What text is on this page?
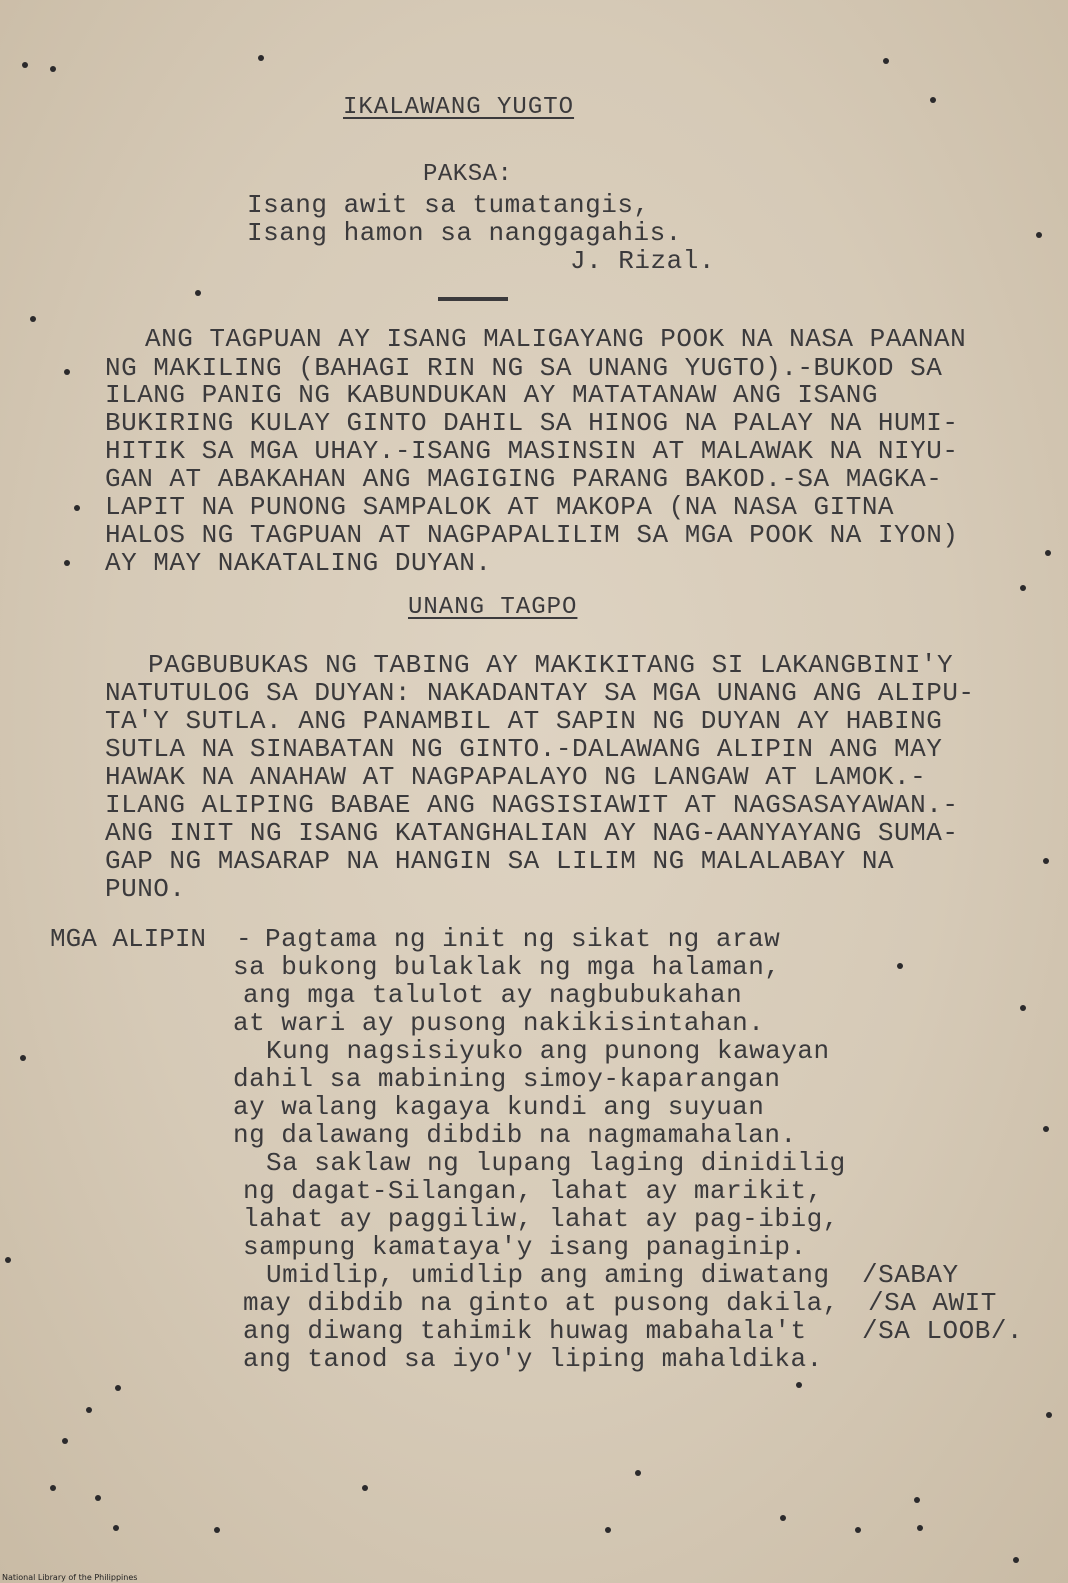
IKALAWANG YUGTO
PAKSA:
Isang awit sa tumatangis,
Isang hamon sa nanggagahis.
J. Rizal.
ANG TAGPUAN AY ISANG MALIGAYANG POOK NA NASA PAANAN
NG MAKILING (BAHAGI RIN NG SA UNANG YUGTO).-BUKOD SA
ILANG PANIG NG KABUNDUKAN AY MATATANAW ANG ISANG
BUKIRING KULAY GINTO DAHIL SA HINOG NA PALAY NA HUMI-
HITIK SA MGA UHAY.-ISANG MASINSIN AT MALAWAK NA NIYU-
GAN AT ABAKAHAN ANG MAGIGING PARANG BAKOD.-SA MAGKA-
LAPIT NA PUNONG SAMPALOK AT MAKOPA (NA NASA GITNA
HALOS NG TAGPUAN AT NAGPAPALILIM SA MGA POOK NA IYON)
AY MAY NAKATALING DUYAN.
UNANG TAGPO
PAGBUBUKAS NG TABING AY MAKIKITANG SI LAKANGBINI'Y
NATUTULOG SA DUYAN: NAKADANTAY SA MGA UNANG ANG ALIPU-
TA'Y SUTLA. ANG PANAMBIL AT SAPIN NG DUYAN AY HABING
SUTLA NA SINABATAN NG GINTO.-DALAWANG ALIPIN ANG MAY
HAWAK NA ANAHAW AT NAGPAPALAYO NG LANGAW AT LAMOK.-
ILANG ALIPING BABAE ANG NAGSISIAWIT AT NAGSASAYAWAN.-
ANG INIT NG ISANG KATANGHALIAN AY NAG-AANYAYANG SUMA-
GAP NG MASARAP NA HANGIN SA LILIM NG MALALABAY NA
PUNO.
MGA ALIPIN - Pagtama ng init ng sikat ng araw
sa bukong bulaklak ng mga halaman,
ang mga talulot ay nagbubukahan
at wari ay pusong nakikisintahan.
Kung nagsisiyuko ang punong kawayan
dahil sa mabining simoy-kaparangan
ay walang kagaya kundi ang suyuan
ng dalawang dibdib na nagmamahalan.
Sa saklaw ng lupang laging dinidilig
ng dagat-Silangan, lahat ay marikit,
lahat ay paggiliw, lahat ay pag-ibig,
sampung kamataya'y isang panaginip.
Umidlip, umidlip ang aming diwatang
may dibdib na ginto at pusong dakila,
ang diwang tahimik huwag mabahala't
ang tanod sa iyo'y liping mahaldika.
/SABAY
/SA AWIT
/SA LOOB/.
National Library of the Philippines
